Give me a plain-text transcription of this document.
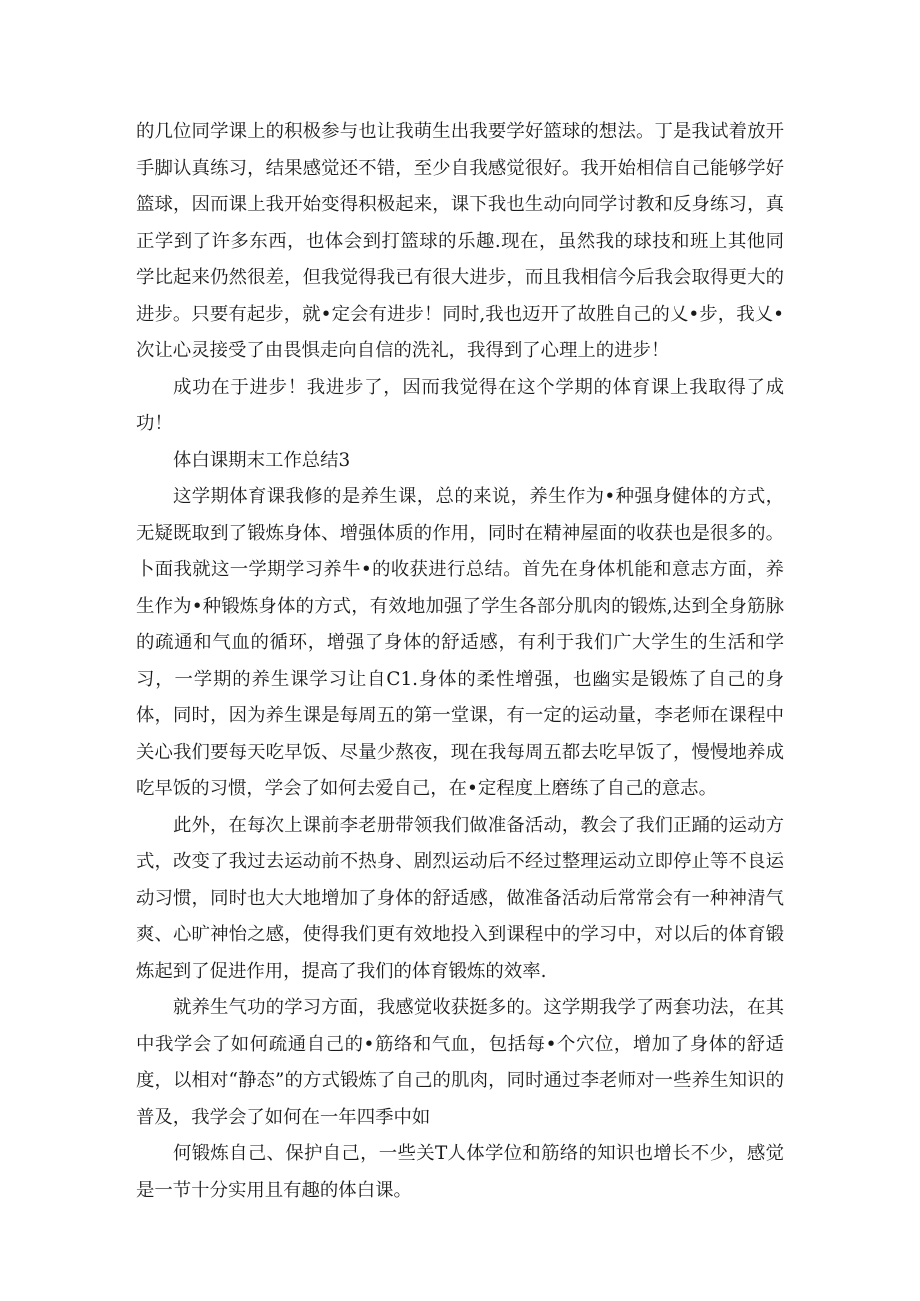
的几位同学课上的积极参与也让我萌生出我要学好篮球的想法。丁是我试着放开手脚认真练习，结果感觉还不错，至少自我感觉很好。我开始相信自己能够学好篮球，因而课上我开始变得积极起来，课下我也生动向同学讨教和反身练习，真正学到了许多东西，也体会到打篮球的乐趣.现在，虽然我的球技和班上其他同学比起来仍然很差，但我觉得我已有很大进步，而且我相信今后我会取得更大的进步。只要有起步，就•定会有进步！同时,我也迈开了故胜自己的乂•步，我乂•次让心灵接受了由畏惧走向自信的洗礼，我得到了心理上的进步！

成功在于进步！我进步了，因而我觉得在这个学期的体育课上我取得了成功！

体白课期末工作总结3

这学期体育课我修的是养生课，总的来说，养生作为•种强身健体的方式，无疑既取到了锻炼身体、增强体质的作用，同时在精神屋面的收获也是很多的。卜面我就这一学期学习养牛•的收获进行总结。首先在身体机能和意志方面，养生作为•种锻炼身体的方式，有效地加强了学生各部分肌肉的锻炼,达到全身筋脉的疏通和气血的循环，增强了身体的舒适感，有利于我们广大学生的生活和学习，一学期的养生课学习让自C1.身体的柔性增强，也幽实是锻炼了自己的身体，同时，因为养生课是每周五的第一堂课，有一定的运动量，李老师在课程中关心我们要每天吃早饭、尽量少熬夜，现在我每周五都去吃早饭了，慢慢地养成吃早饭的习惯，学会了如何去爱自己，在•定程度上磨练了自己的意志。

此外，在每次上课前李老册带领我们做准备活动，教会了我们正踊的运动方式，改变了我过去运动前不热身、剧烈运动后不经过整理运动立即停止等不良运动习惯，同时也大大地增加了身体的舒适感，做准备活动后常常会有一种神清气爽、心旷神怡之感，使得我们更有效地投入到课程中的学习中，对以后的体育锻炼起到了促进作用，提高了我们的体育锻炼的效率.

就养生气功的学习方面，我感觉收获挺多的。这学期我学了两套功法，在其中我学会了如何疏通自己的•筋络和气血，包括每•个穴位，增加了身体的舒适度，以相对“静态”的方式锻炼了自己的肌肉，同时通过李老师对一些养生知识的普及，我学会了如何在一年四季中如

何锻炼自己、保护自己，一些关T人体学位和筋络的知识也增长不少，感觉是一节十分实用且有趣的体白课。
